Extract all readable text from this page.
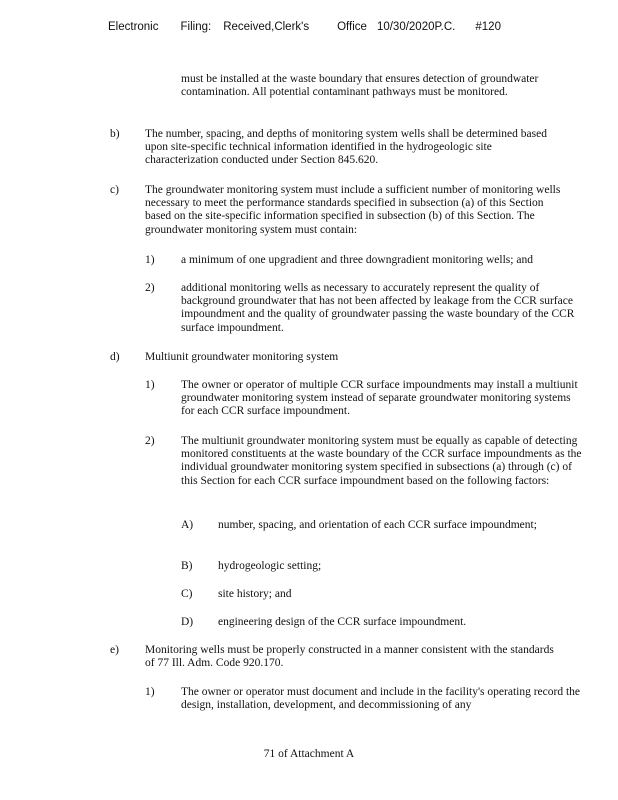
Electronic Filing: Received,Clerk's Office 10/30/2020P.C. #120
must be installed at the waste boundary that ensures detection of groundwater contamination. All potential contaminant pathways must be monitored.
b) The number, spacing, and depths of monitoring system wells shall be determined based upon site-specific technical information identified in the hydrogeologic site characterization conducted under Section 845.620.
c) The groundwater monitoring system must include a sufficient number of monitoring wells necessary to meet the performance standards specified in subsection (a) of this Section based on the site-specific information specified in subsection (b) of this Section. The groundwater monitoring system must contain:
1) a minimum of one upgradient and three downgradient monitoring wells; and
2) additional monitoring wells as necessary to accurately represent the quality of background groundwater that has not been affected by leakage from the CCR surface impoundment and the quality of groundwater passing the waste boundary of the CCR surface impoundment.
d) Multiunit groundwater monitoring system
1) The owner or operator of multiple CCR surface impoundments may install a multiunit groundwater monitoring system instead of separate groundwater monitoring systems for each CCR surface impoundment.
2) The multiunit groundwater monitoring system must be equally as capable of detecting monitored constituents at the waste boundary of the CCR surface impoundments as the individual groundwater monitoring system specified in subsections (a) through (c) of this Section for each CCR surface impoundment based on the following factors:
A) number, spacing, and orientation of each CCR surface impoundment;
B) hydrogeologic setting;
C) site history; and
D) engineering design of the CCR surface impoundment.
e) Monitoring wells must be properly constructed in a manner consistent with the standards of 77 Ill. Adm. Code 920.170.
1) The owner or operator must document and include in the facility's operating record the design, installation, development, and decommissioning of any
71 of Attachment A
